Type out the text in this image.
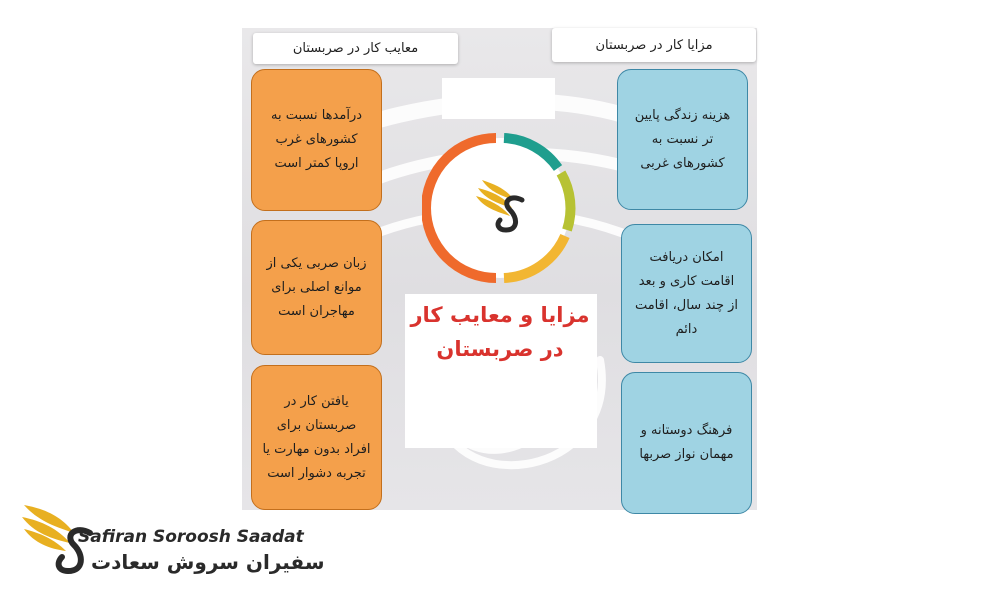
معایب کار در صربستان	مزایا کار در صربستان
مزایا و معایب کار در صربستان
درآمدها نسبت به کشورهای غرب اروپا کمتر است
زبان صربی یکی از موانع اصلی برای مهاجران است
یافتن کار در صربستان برای افراد بدون مهارت یا تجربه دشوار است
هزینه زندگی پایین تر نسبت به کشورهای غربی
امکان دریافت اقامت کاری و بعد از چند سال، اقامت دائم
فرهنگ دوستانه و مهمان نواز صربها
Safiran Soroosh Saadat
سفیران سروش سعادت
